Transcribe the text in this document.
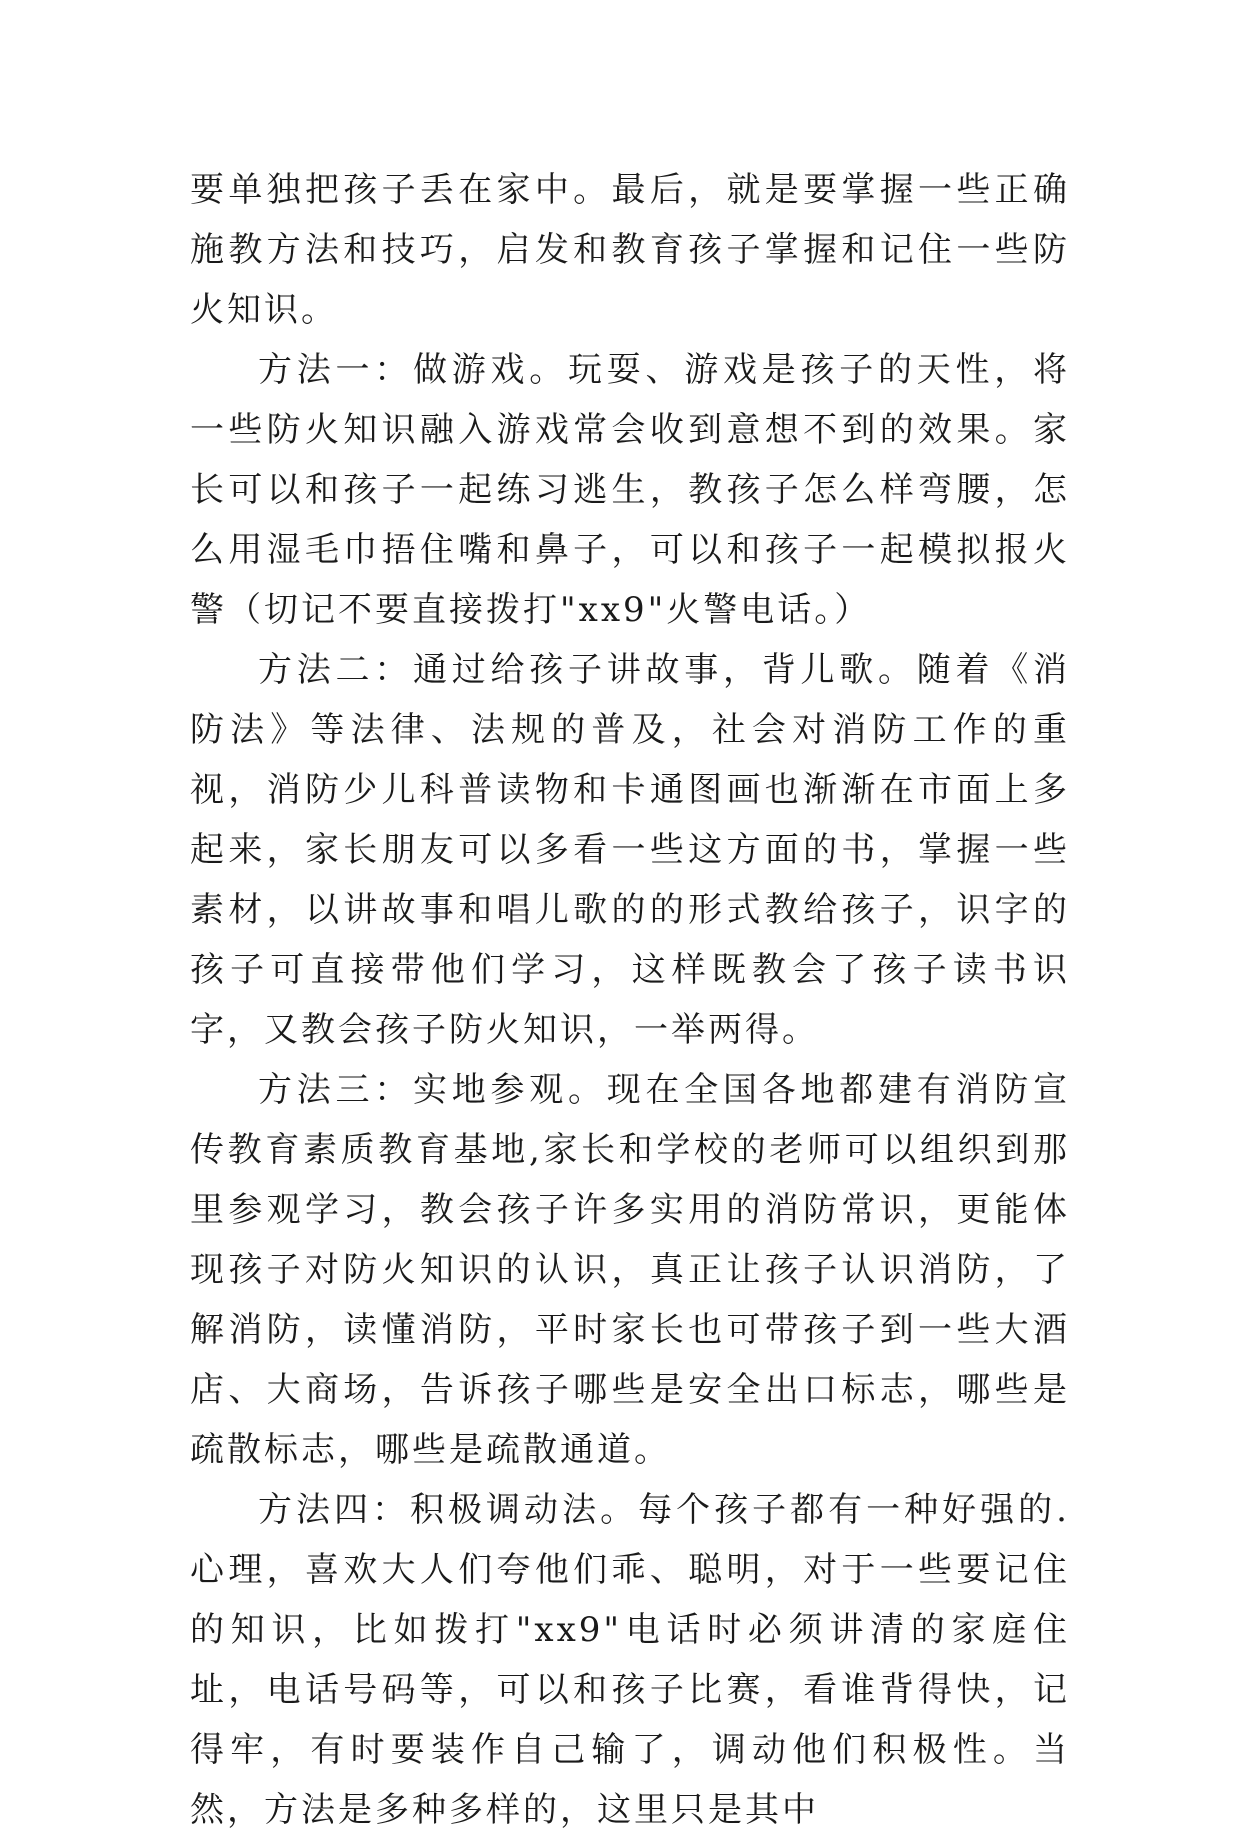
要单独把孩子丢在家中。最后，就是要掌握一些正确施教方法和技巧，启发和教育孩子掌握和记住一些防火知识。

方法一：做游戏。玩耍、游戏是孩子的天性，将一些防火知识融入游戏常会收到意想不到的效果。家长可以和孩子一起练习逃生，教孩子怎么样弯腰，怎么用湿毛巾捂住嘴和鼻子，可以和孩子一起模拟报火警（切记不要直接拨打"xx9"火警电话。）

方法二：通过给孩子讲故事，背儿歌。随着《消防法》等法律、法规的普及，社会对消防工作的重视，消防少儿科普读物和卡通图画也渐渐在市面上多起来，家长朋友可以多看一些这方面的书，掌握一些素材，以讲故事和唱儿歌的的形式教给孩子，识字的孩子可直接带他们学习，这样既教会了孩子读书识字，又教会孩子防火知识，一举两得。

方法三：实地参观。现在全国各地都建有消防宣传教育素质教育基地,家长和学校的老师可以组织到那里参观学习，教会孩子许多实用的消防常识，更能体现孩子对防火知识的认识，真正让孩子认识消防，了解消防，读懂消防，平时家长也可带孩子到一些大酒店、大商场，告诉孩子哪些是安全出口标志，哪些是疏散标志，哪些是疏散通道。

方法四：积极调动法。每个孩子都有一种好强的.心理，喜欢大人们夸他们乖、聪明，对于一些要记住的知识，比如拨打"xx9"电话时必须讲清的家庭住址，电话号码等，可以和孩子比赛，看谁背得快，记得牢，有时要装作自己输了，调动他们积极性。当然，方法是多种多样的，这里只是其中
